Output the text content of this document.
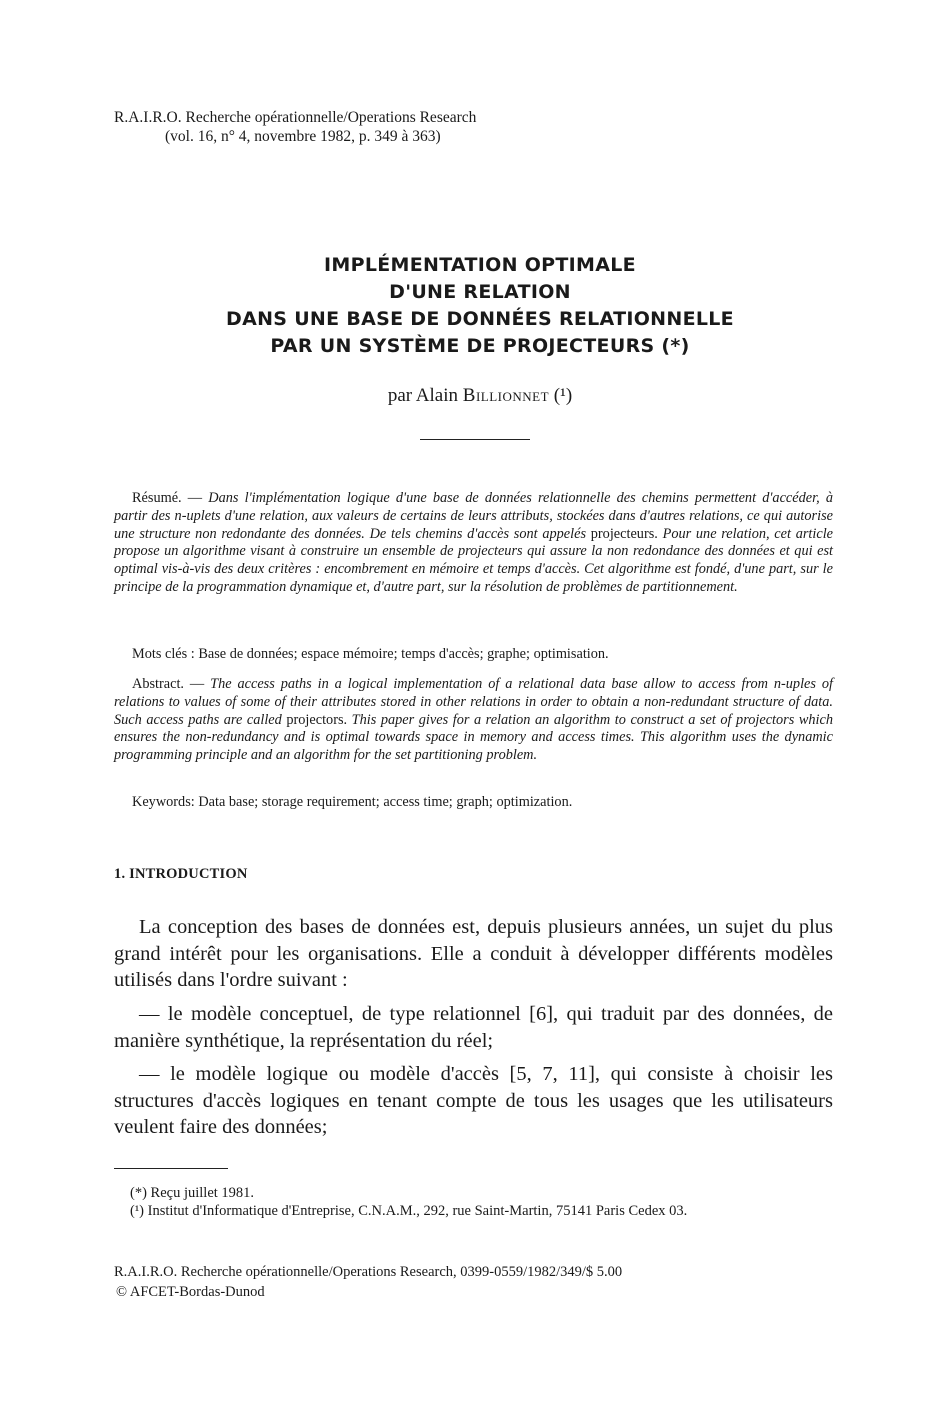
R.A.I.R.O. Recherche opérationnelle/Operations Research
(vol. 16, n° 4, novembre 1982, p. 349 à 363)
IMPLÉMENTATION OPTIMALE
D'UNE RELATION
DANS UNE BASE DE DONNÉES RELATIONNELLE
PAR UN SYSTÈME DE PROJECTEURS (*)
par Alain Billionnet (¹)
Résumé. — Dans l'implémentation logique d'une base de données relationnelle des chemins permettent d'accéder, à partir des n-uplets d'une relation, aux valeurs de certains de leurs attributs, stockées dans d'autres relations, ce qui autorise une structure non redondante des données. De tels chemins d'accès sont appelés projecteurs. Pour une relation, cet article propose un algorithme visant à construire un ensemble de projecteurs qui assure la non redondance des données et qui est optimal vis-à-vis des deux critères : encombrement en mémoire et temps d'accès. Cet algorithme est fondé, d'une part, sur le principe de la programmation dynamique et, d'autre part, sur la résolution de problèmes de partitionnement.
Mots clés : Base de données; espace mémoire; temps d'accès; graphe; optimisation.
Abstract. — The access paths in a logical implementation of a relational data base allow to access from n-uples of relations to values of some of their attributes stored in other relations in order to obtain a non-redundant structure of data. Such access paths are called projectors. This paper gives for a relation an algorithm to construct a set of projectors which ensures the non-redundancy and is optimal towards space in memory and access times. This algorithm uses the dynamic programming principle and an algorithm for the set partitioning problem.
Keywords: Data base; storage requirement; access time; graph; optimization.
1. INTRODUCTION
La conception des bases de données est, depuis plusieurs années, un sujet du plus grand intérêt pour les organisations. Elle a conduit à développer différents modèles utilisés dans l'ordre suivant :
— le modèle conceptuel, de type relationnel [6], qui traduit par des données, de manière synthétique, la représentation du réel;
— le modèle logique ou modèle d'accès [5, 7, 11], qui consiste à choisir les structures d'accès logiques en tenant compte de tous les usages que les utilisateurs veulent faire des données;
(*) Reçu juillet 1981.
(¹) Institut d'Informatique d'Entreprise, C.N.A.M., 292, rue Saint-Martin, 75141 Paris Cedex 03.
R.A.I.R.O. Recherche opérationnelle/Operations Research, 0399-0559/1982/349/$ 5.00
© AFCET-Bordas-Dunod
